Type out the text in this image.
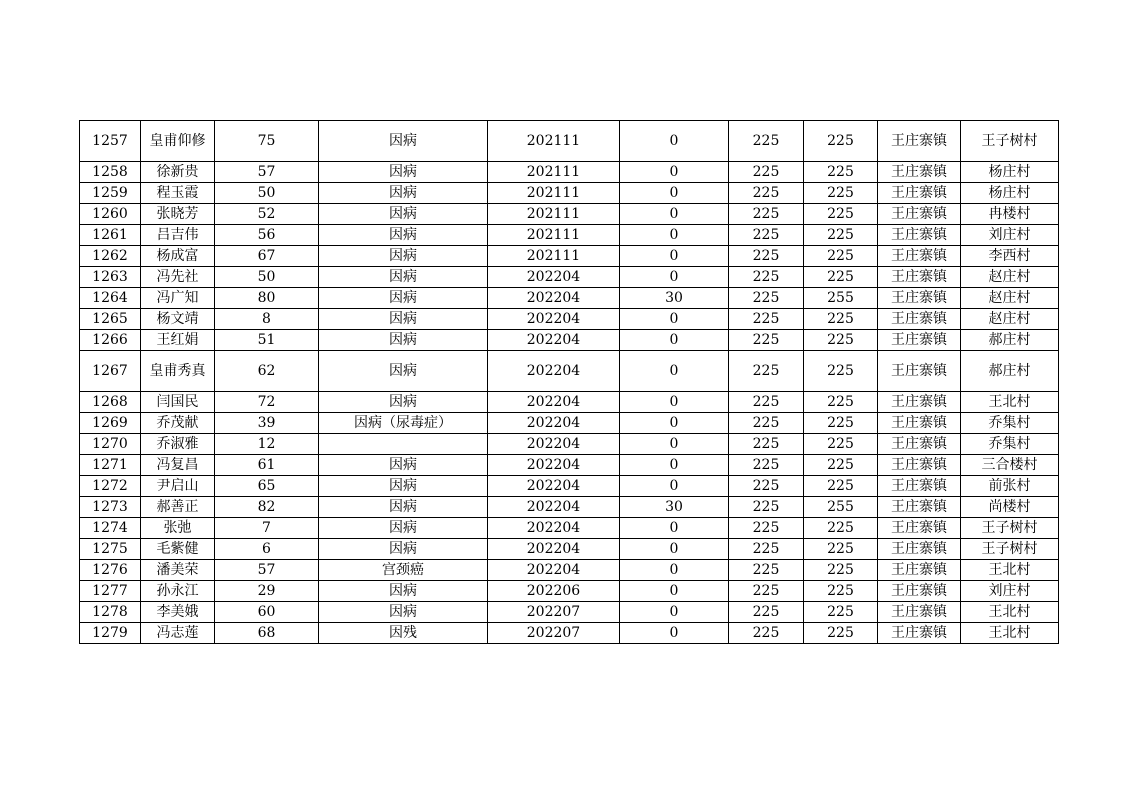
1257	皇甫仰修	75	因病	202111	0	225	225	王庄寨镇	王子树村
1258	徐新贵	57	因病	202111	0	225	225	王庄寨镇	杨庄村
1259	程玉霞	50	因病	202111	0	225	225	王庄寨镇	杨庄村
1260	张晓芳	52	因病	202111	0	225	225	王庄寨镇	冉楼村
1261	吕吉伟	56	因病	202111	0	225	225	王庄寨镇	刘庄村
1262	杨成富	67	因病	202111	0	225	225	王庄寨镇	李西村
1263	冯先社	50	因病	202204	0	225	225	王庄寨镇	赵庄村
1264	冯广知	80	因病	202204	30	225	255	王庄寨镇	赵庄村
1265	杨文靖	8	因病	202204	0	225	225	王庄寨镇	赵庄村
1266	王红娟	51	因病	202204	0	225	225	王庄寨镇	郝庄村
1267	皇甫秀真	62	因病	202204	0	225	225	王庄寨镇	郝庄村
1268	闫国民	72	因病	202204	0	225	225	王庄寨镇	王北村
1269	乔茂献	39	因病（尿毒症）	202204	0	225	225	王庄寨镇	乔集村
1270	乔淑雅	12		202204	0	225	225	王庄寨镇	乔集村
1271	冯复昌	61	因病	202204	0	225	225	王庄寨镇	三合楼村
1272	尹启山	65	因病	202204	0	225	225	王庄寨镇	前张村
1273	郝善正	82	因病	202204	30	225	255	王庄寨镇	尚楼村
1274	张弛	7	因病	202204	0	225	225	王庄寨镇	王子树村
1275	毛紫健	6	因病	202204	0	225	225	王庄寨镇	王子树村
1276	潘美荣	57	宫颈癌	202204	0	225	225	王庄寨镇	王北村
1277	孙永江	29	因病	202206	0	225	225	王庄寨镇	刘庄村
1278	李美娥	60	因病	202207	0	225	225	王庄寨镇	王北村
1279	冯志莲	68	因残	202207	0	225	225	王庄寨镇	王北村
